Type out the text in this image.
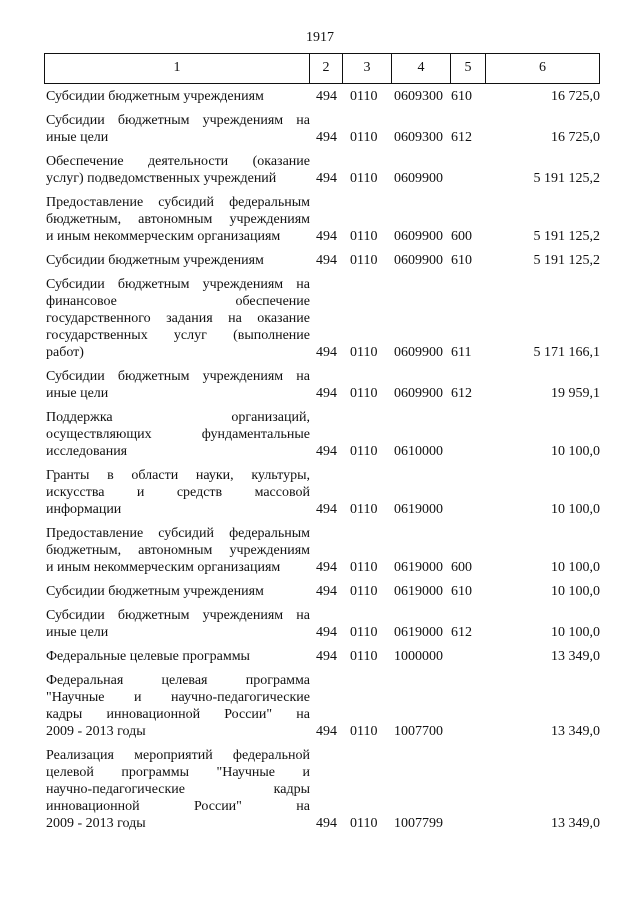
1917
1	2	3	4	5	6
Субсидии бюджетным учреждениям	494 0110 0609300 610	16 725,0
Субсидии бюджетным учреждениям на
иные цели	494 0110 0609300 612	16 725,0
Обеспечение деятельности (оказание
услуг) подведомственных учреждений	494 0110 0609900	5 191 125,2
Предоставление субсидий федеральным
бюджетным, автономным учреждениям
и иным некоммерческим организациям	494 0110 0609900 600	5 191 125,2
Субсидии бюджетным учреждениям	494 0110 0609900 610	5 191 125,2
Субсидии бюджетным учреждениям на
финансовое обеспечение
государственного задания на оказание
государственных услуг (выполнение
работ)	494 0110 0609900 611	5 171 166,1
Субсидии бюджетным учреждениям на
иные цели	494 0110 0609900 612	19 959,1
Поддержка организаций,
осуществляющих фундаментальные
исследования	494 0110 0610000	10 100,0
Гранты в области науки, культуры,
искусства и средств массовой
информации	494 0110 0619000	10 100,0
Предоставление субсидий федеральным
бюджетным, автономным учреждениям
и иным некоммерческим организациям	494 0110 0619000 600	10 100,0
Субсидии бюджетным учреждениям	494 0110 0619000 610	10 100,0
Субсидии бюджетным учреждениям на
иные цели	494 0110 0619000 612	10 100,0
Федеральные целевые программы	494 0110 1000000	13 349,0
Федеральная целевая программа
"Научные и научно-педагогические
кадры инновационной России" на
2009 - 2013 годы	494 0110 1007700	13 349,0
Реализация мероприятий федеральной
целевой программы "Научные и
научно-педагогические кадры
инновационной России" на
2009 - 2013 годы	494 0110 1007799	13 349,0
